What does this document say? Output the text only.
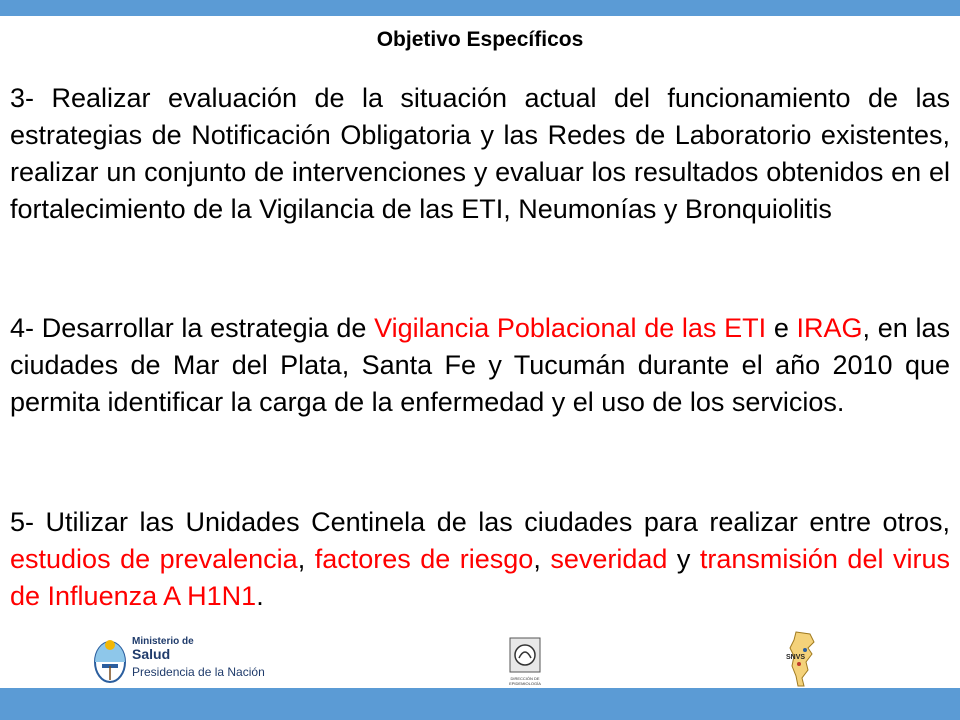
Objetivo Específicos
3- Realizar evaluación de la situación actual del funcionamiento de las estrategias de Notificación Obligatoria y las Redes de Laboratorio existentes, realizar un conjunto de intervenciones y evaluar los resultados obtenidos en el fortalecimiento de la Vigilancia de las ETI, Neumonías y Bronquiolitis
4- Desarrollar la estrategia de Vigilancia Poblacional de las ETI e IRAG, en las ciudades de Mar del Plata, Santa Fe y Tucumán durante el año 2010 que permita identificar la carga de la enfermedad y el uso de los servicios.
5- Utilizar las Unidades Centinela de las ciudades para realizar entre otros, estudios de prevalencia, factores de riesgo, severidad y transmisión del virus de Influenza A H1N1.
Ministerio de
Salud
Presidencia de la Nación	DIRECCIÓN DE EPIDEMIOLOGÍA
SNVS
